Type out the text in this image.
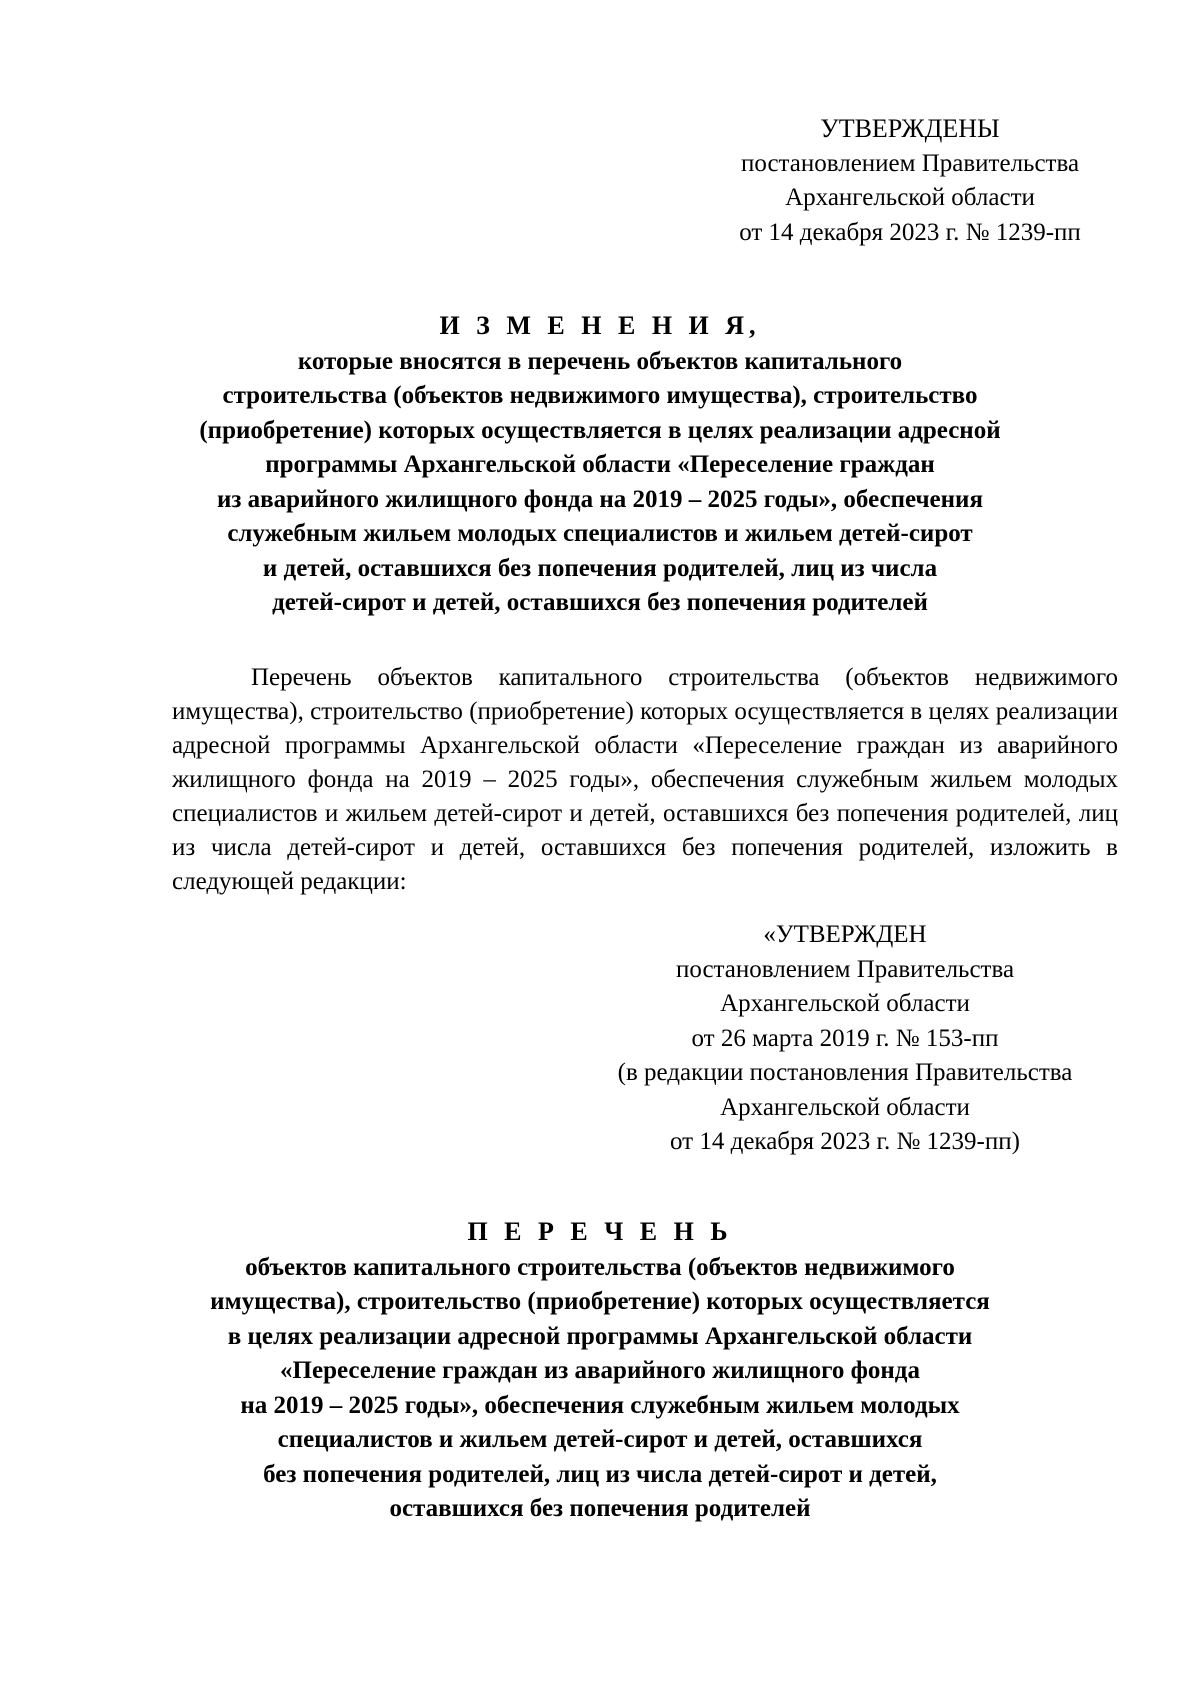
УТВЕРЖДЕНЫ
постановлением Правительства
Архангельской области
от 14 декабря 2023 г. № 1239-пп
И З М Е Н Е Н И Я,
которые вносятся в перечень объектов капитального
строительства (объектов недвижимого имущества), строительство
(приобретение) которых осуществляется в целях реализации адресной
программы Архангельской области «Переселение граждан
из аварийного жилищного фонда на 2019 – 2025 годы», обеспечения
служебным жильем молодых специалистов и жильем детей-сирот
и детей, оставшихся без попечения родителей, лиц из числа
детей-сирот и детей, оставшихся без попечения родителей

Перечень объектов капитального строительства (объектов недвижимого имущества), строительство (приобретение) которых осуществляется в целях реализации адресной программы Архангельской области «Переселение граждан из аварийного жилищного фонда на 2019 – 2025 годы», обеспечения служебным жильем молодых специалистов и жильем детей-сирот и детей, оставшихся без попечения родителей, лиц из числа детей-сирот и детей, оставшихся без попечения родителей, изложить в следующей редакции:

«УТВЕРЖДЕН
постановлением Правительства
Архангельской области
от 26 марта 2019 г. № 153-пп
(в редакции постановления Правительства
Архангельской области
от 14 декабря 2023 г. № 1239-пп)
П Е Р Е Ч Е Н Ь
объектов капитального строительства (объектов недвижимого
имущества), строительство (приобретение) которых осуществляется
в целях реализации адресной программы Архангельской области
«Переселение граждан из аварийного жилищного фонда
на 2019 – 2025 годы», обеспечения служебным жильем молодых
специалистов и жильем детей-сирот и детей, оставшихся
без попечения родителей, лиц из числа детей-сирот и детей,
оставшихся без попечения родителей
